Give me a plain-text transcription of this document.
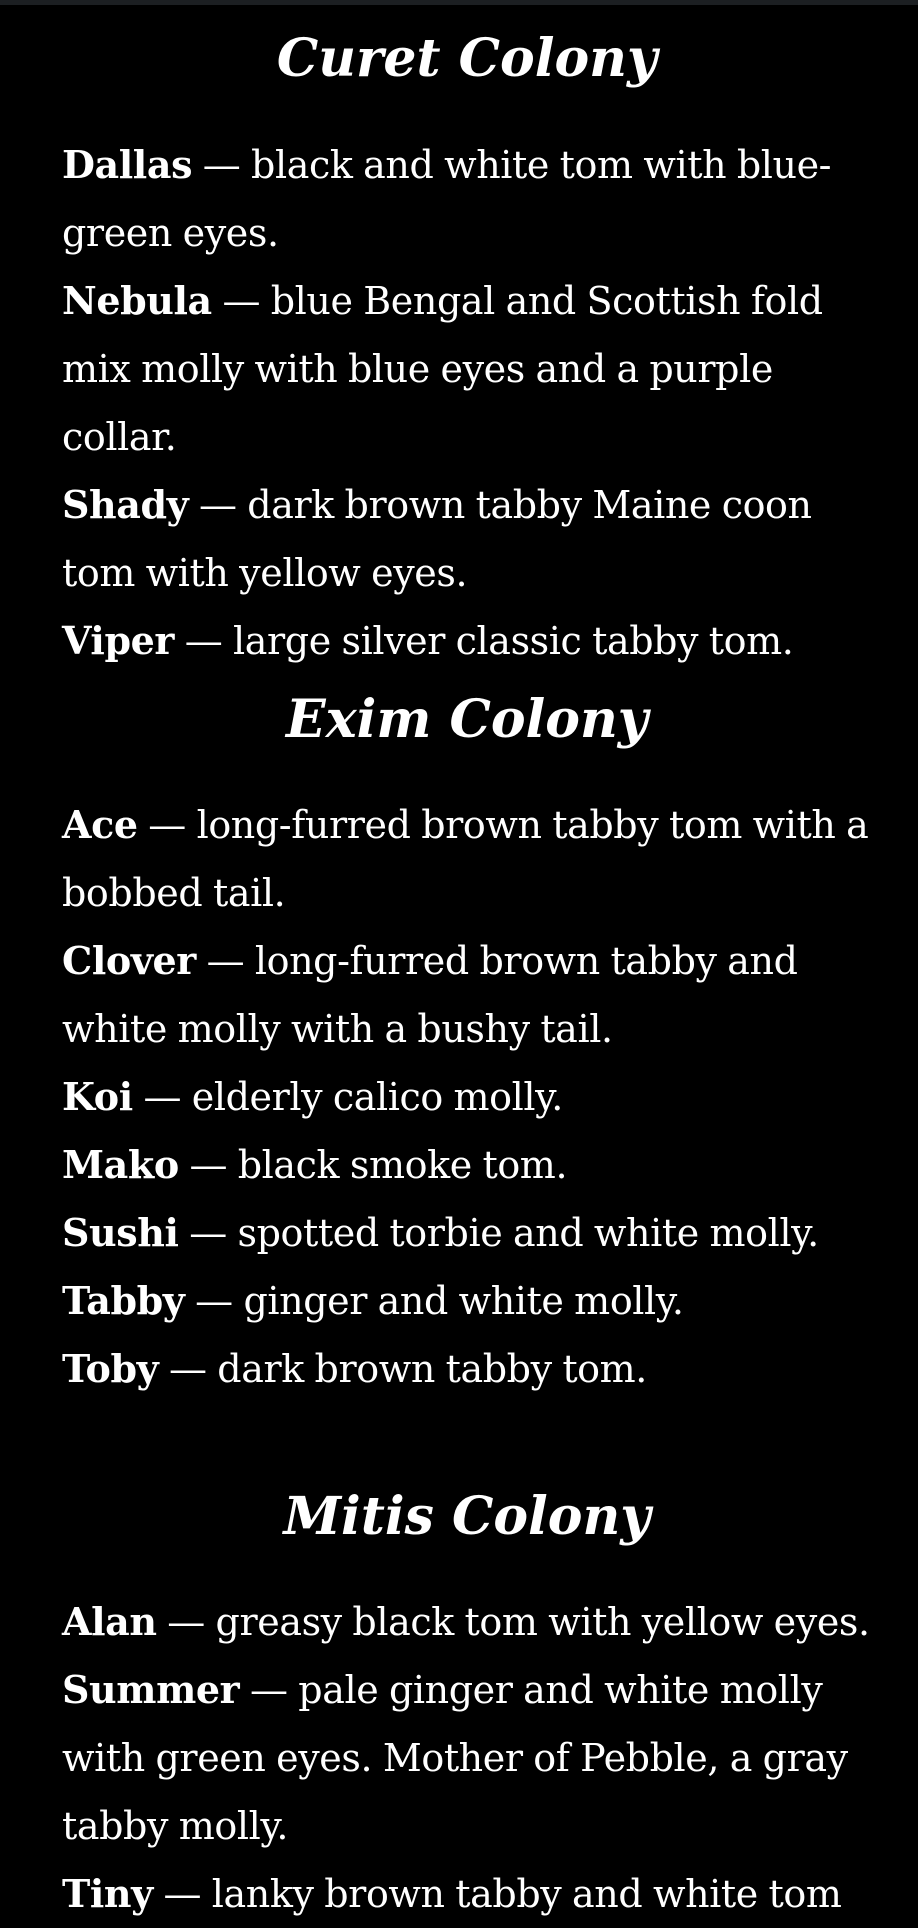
Curet Colony
Dallas — black and white tom with blue-green eyes.
Nebula — blue Bengal and Scottish fold mix molly with blue eyes and a purple collar.
Shady — dark brown tabby Maine coon tom with yellow eyes.
Viper — large silver classic tabby tom.
Exim Colony
Ace — long-furred brown tabby tom with a bobbed tail.
Clover — long-furred brown tabby and white molly with a bushy tail.
Koi — elderly calico molly.
Mako — black smoke tom.
Sushi — spotted torbie and white molly.
Tabby — ginger and white molly.
Toby — dark brown tabby tom.
Mitis Colony
Alan — greasy black tom with yellow eyes.
Summer — pale ginger and white molly with green eyes. Mother of Pebble, a gray tabby molly.
Tiny — lanky brown tabby and white tom
